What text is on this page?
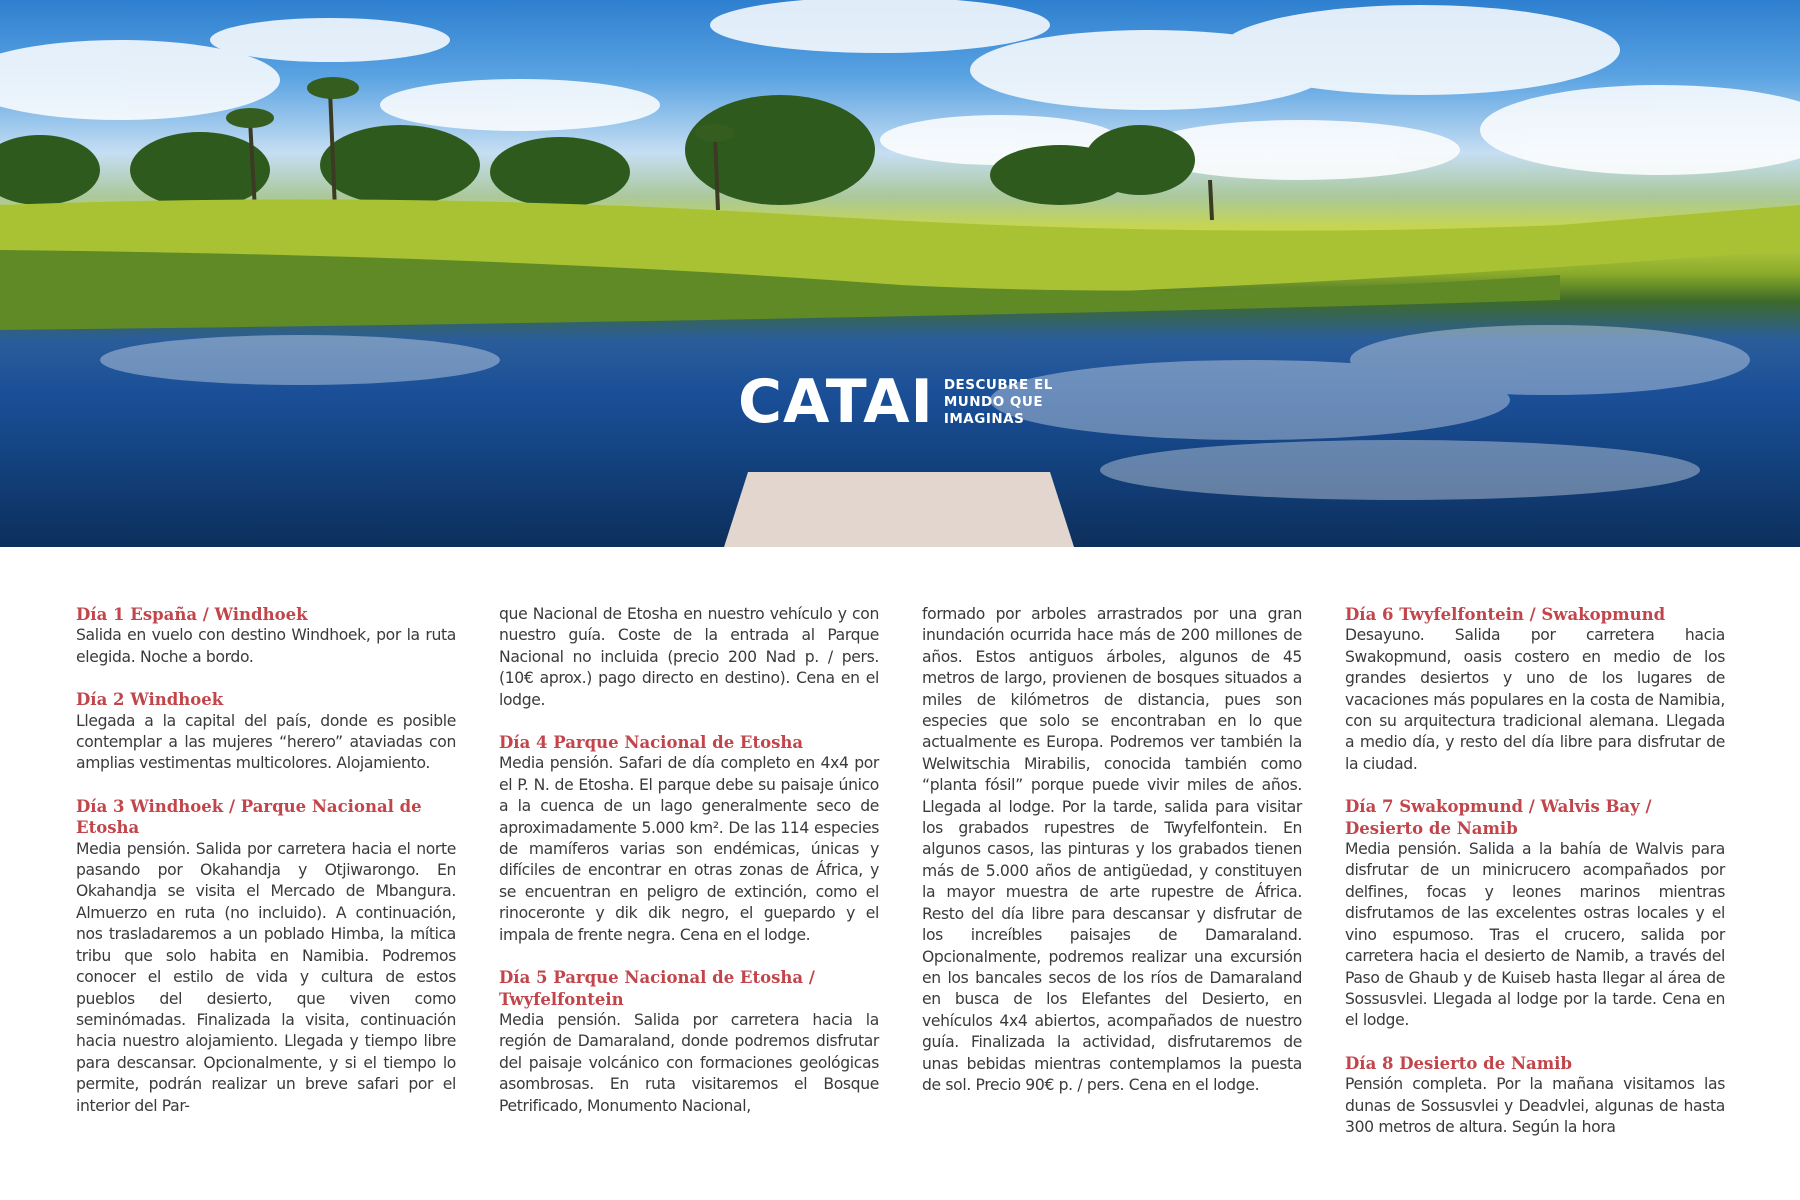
CATAI DESCUBRE EL
MUNDO QUE
IMAGINAS
Día 1 España / Windhoek

Salida en vuelo con destino Windhoek, por la ruta elegida. Noche a bordo.

Día 2 Windhoek

Llegada a la capital del país, donde es posible contemplar a las mujeres “herero” ataviadas con amplias vestimentas multicolores. Alojamiento.

Día 3 Windhoek / Parque Nacional de Etosha

Media pensión. Salida por carretera hacia el norte pasando por Okahandja y Otjiwarongo. En Okahandja se visita el Mercado de Mbangura. Almuerzo en ruta (no incluido). A continuación, nos trasladaremos a un poblado Himba, la mítica tribu que solo habita en Namibia. Podremos conocer el estilo de vida y cultura de estos pueblos del desierto, que viven como seminómadas. Finalizada la visita, continuación hacia nuestro alojamiento. Llegada y tiempo libre para descansar. Opcionalmente, y si el tiempo lo permite, podrán realizar un breve safari por el interior del Par-

que Nacional de Etosha en nuestro vehículo y con nuestro guía. Coste de la entrada al Parque Nacional no incluida (precio 200 Nad p. / pers. (10€ aprox.) pago directo en destino). Cena en el lodge.

Día 4 Parque Nacional de Etosha

Media pensión. Safari de día completo en 4x4 por el P. N. de Etosha. El parque debe su paisaje único a la cuenca de un lago generalmente seco de aproximadamente 5.000 km². De las 114 especies de mamíferos varias son endémicas, únicas y difíciles de encontrar en otras zonas de África, y se encuentran en peligro de extinción, como el rinoceronte y dik dik negro, el guepardo y el impala de frente negra. Cena en el lodge.

Día 5 Parque Nacional de Etosha / Twyfelfontein

Media pensión. Salida por carretera hacia la región de Damaraland, donde podremos disfrutar del paisaje volcánico con formaciones geológicas asombrosas. En ruta visitaremos el Bosque Petrificado, Monumento Nacional,

formado por arboles arrastrados por una gran inundación ocurrida hace más de 200 millones de años. Estos antiguos árboles, algunos de 45 metros de largo, provienen de bosques situados a miles de kilómetros de distancia, pues son especies que solo se encontraban en lo que actualmente es Europa. Podremos ver también la Welwitschia Mirabilis, conocida también como “planta fósil” porque puede vivir miles de años. Llegada al lodge. Por la tarde, salida para visitar los grabados rupestres de Twyfelfontein. En algunos casos, las pinturas y los grabados tienen más de 5.000 años de antigüedad, y constituyen la mayor muestra de arte rupestre de África. Resto del día libre para descansar y disfrutar de los increíbles paisajes de Damaraland. Opcionalmente, podremos realizar una excursión en los bancales secos de los ríos de Damaraland en busca de los Elefantes del Desierto, en vehículos 4x4 abiertos, acompañados de nuestro guía. Finalizada la actividad, disfrutaremos de unas bebidas mientras contemplamos la puesta de sol. Precio 90€ p. / pers. Cena en el lodge.

Día 6 Twyfelfontein / Swakopmund

Desayuno. Salida por carretera hacia Swakopmund, oasis costero en medio de los grandes desiertos y uno de los lugares de vacaciones más populares en la costa de Namibia, con su arquitectura tradicional alemana. Llegada a medio día, y resto del día libre para disfrutar de la ciudad.

Día 7 Swakopmund / Walvis Bay / Desierto de Namib

Media pensión. Salida a la bahía de Walvis para disfrutar de un minicrucero acompañados por delfines, focas y leones marinos mientras disfrutamos de las excelentes ostras locales y el vino espumoso. Tras el crucero, salida por carretera hacia el desierto de Namib, a través del Paso de Ghaub y de Kuiseb hasta llegar al área de Sossusvlei. Llegada al lodge por la tarde. Cena en el lodge.

Día 8 Desierto de Namib

Pensión completa. Por la mañana visitamos las dunas de Sossusvlei y Deadvlei, algunas de hasta 300 metros de altura. Según la hora
